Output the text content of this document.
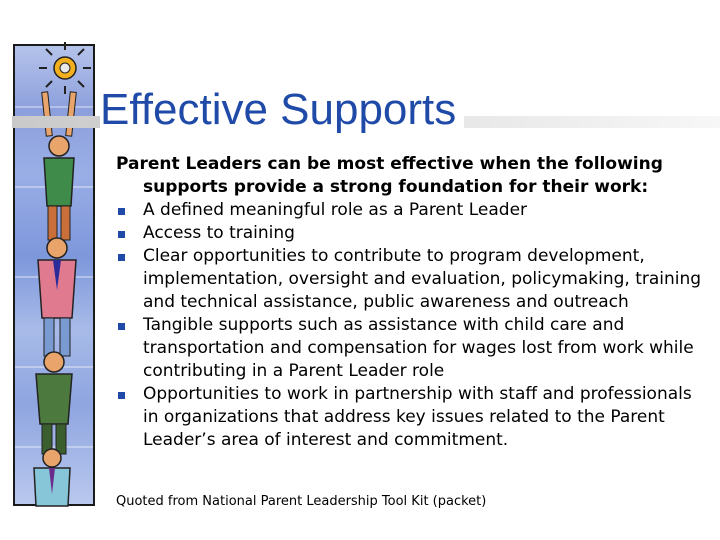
Effective Supports
Parent Leaders can be most effective when the following
supports provide a strong foundation for their work:
A defined meaningful role as a Parent Leader
Access to training
Clear opportunities to contribute to program development, implementation, oversight and evaluation, policymaking, training and technical assistance, public awareness and outreach
Tangible supports such as assistance with child care and transportation and compensation for wages lost from work while contributing in a Parent Leader role
Opportunities to work in partnership with staff and professionals in organizations that address key issues related to the Parent Leader’s area of interest and commitment.
Quoted from National Parent Leadership Tool Kit (packet)
